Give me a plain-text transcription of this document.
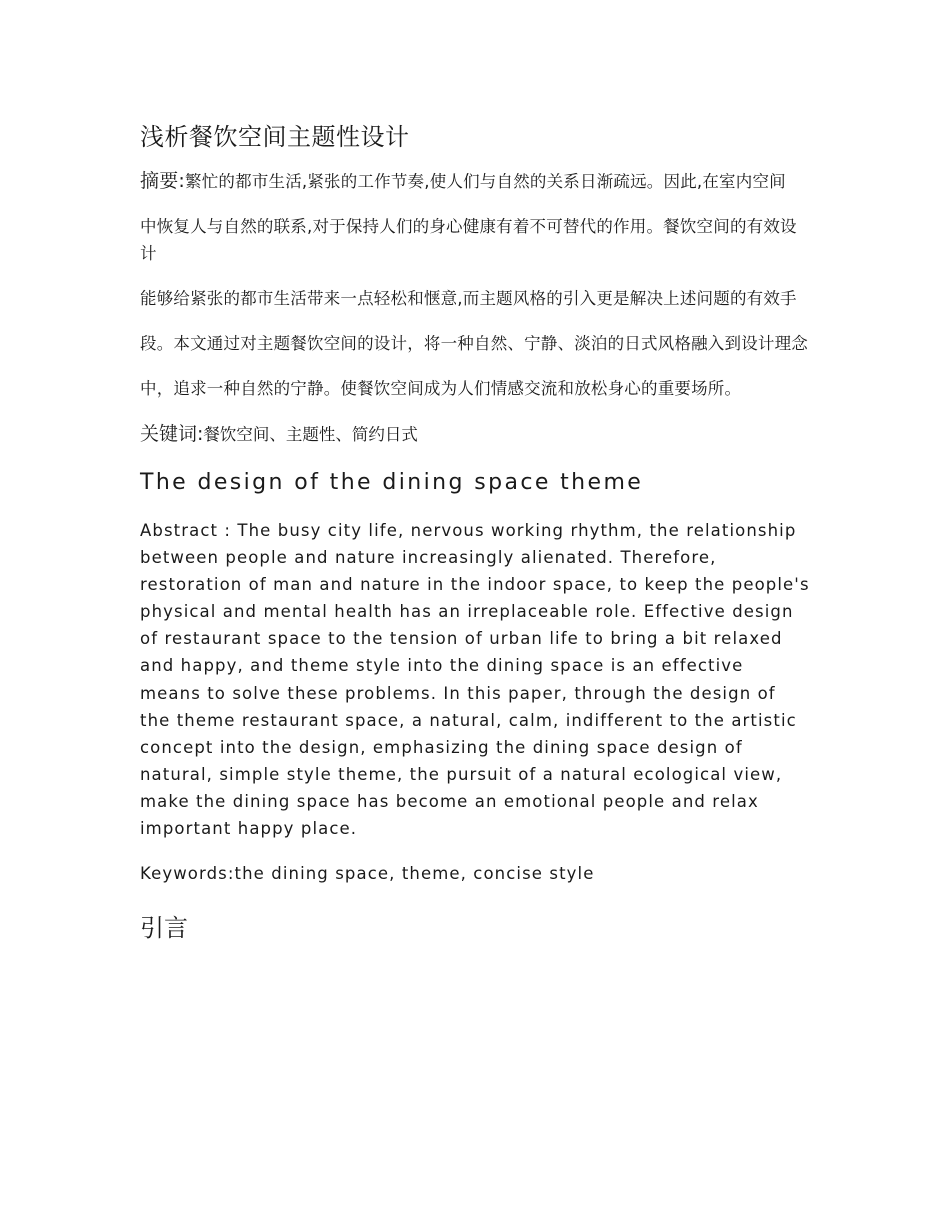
浅析餐饮空间主题性设计

摘要:繁忙的都市生活,紧张的工作节奏,使人们与自然的关系日渐疏远。因此,在室内空间

中恢复人与自然的联系,对于保持人们的身心健康有着不可替代的作用。餐饮空间的有效设计

能够给紧张的都市生活带来一点轻松和惬意,而主题风格的引入更是解决上述问题的有效手

段。本文通过对主题餐饮空间的设计，将一种自然、宁静、淡泊的日式风格融入到设计理念

中，追求一种自然的宁静。使餐饮空间成为人们情感交流和放松身心的重要场所。

关键词:餐饮空间、主题性、简约日式

The design of the dining space theme

Abstract : The busy city life, nervous working rhythm, the relationship between people and nature increasingly alienated. Therefore, restoration of man and nature in the indoor space, to keep the people's physical and mental health has an irreplaceable role. Effective design of restaurant space to the tension of urban life to bring a bit relaxed and happy, and theme style into the dining space is an effective means to solve these problems. In this paper, through the design of the theme restaurant space, a natural, calm, indifferent to the artistic concept into the design, emphasizing the dining space design of natural, simple style theme, the pursuit of a natural ecological view, make the dining space has become an emotional people and relax important happy place.

Keywords:the dining space, theme, concise style

引言
